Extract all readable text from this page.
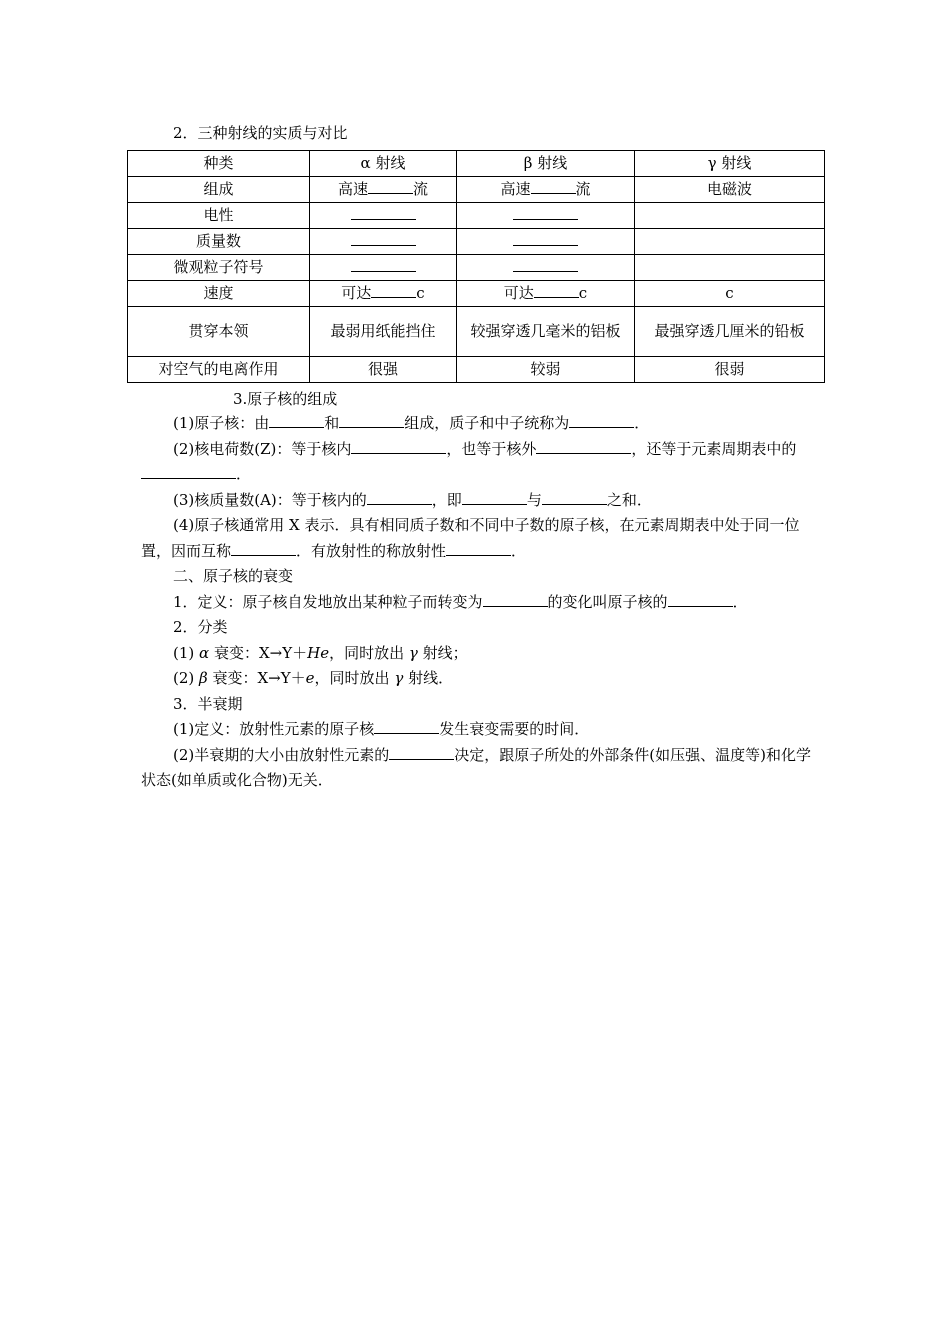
2．三种射线的实质与对比
种类	α 射线	β 射线	γ 射线
组成	高速 流	高速 流	电磁波
电性			
质量数			
微观粒子符号			
速度	可达 c	可达 c	c
贯穿本领	最弱用纸能挡住	较强穿透几毫米的铝板	最强穿透几厘米的铅板
对空气的电离作用	很强	较弱	很弱
3.原子核的组成

(1)原子核：由	和	组成，质子和中子统称为	．

(2)核电荷数(Z)：等于核内	，也等于核外	，还等于元素周期表中的．

(3)核质量数(A)：等于核内的	，即	与	之和．

(4)原子核通常用 X 表示．具有相同质子数和不同中子数的原子核，在元素周期表中处于同一位置，因而互称	．有放射性的称放射性	．

二、原子核的衰变

1．定义：原子核自发地放出某种粒子而转变为	的变化叫原子核的	．

2．分类

(1) α 衰变：X→Y＋He，同时放出 γ 射线；

(2) β 衰变：X→Y＋e，同时放出 γ 射线．

3．半衰期

(1)定义：放射性元素的原子核	发生衰变需要的时间．

(2)半衰期的大小由放射性元素的	决定，跟原子所处的外部条件(如压强、温度等)和化学状态(如单质或化合物)无关．
